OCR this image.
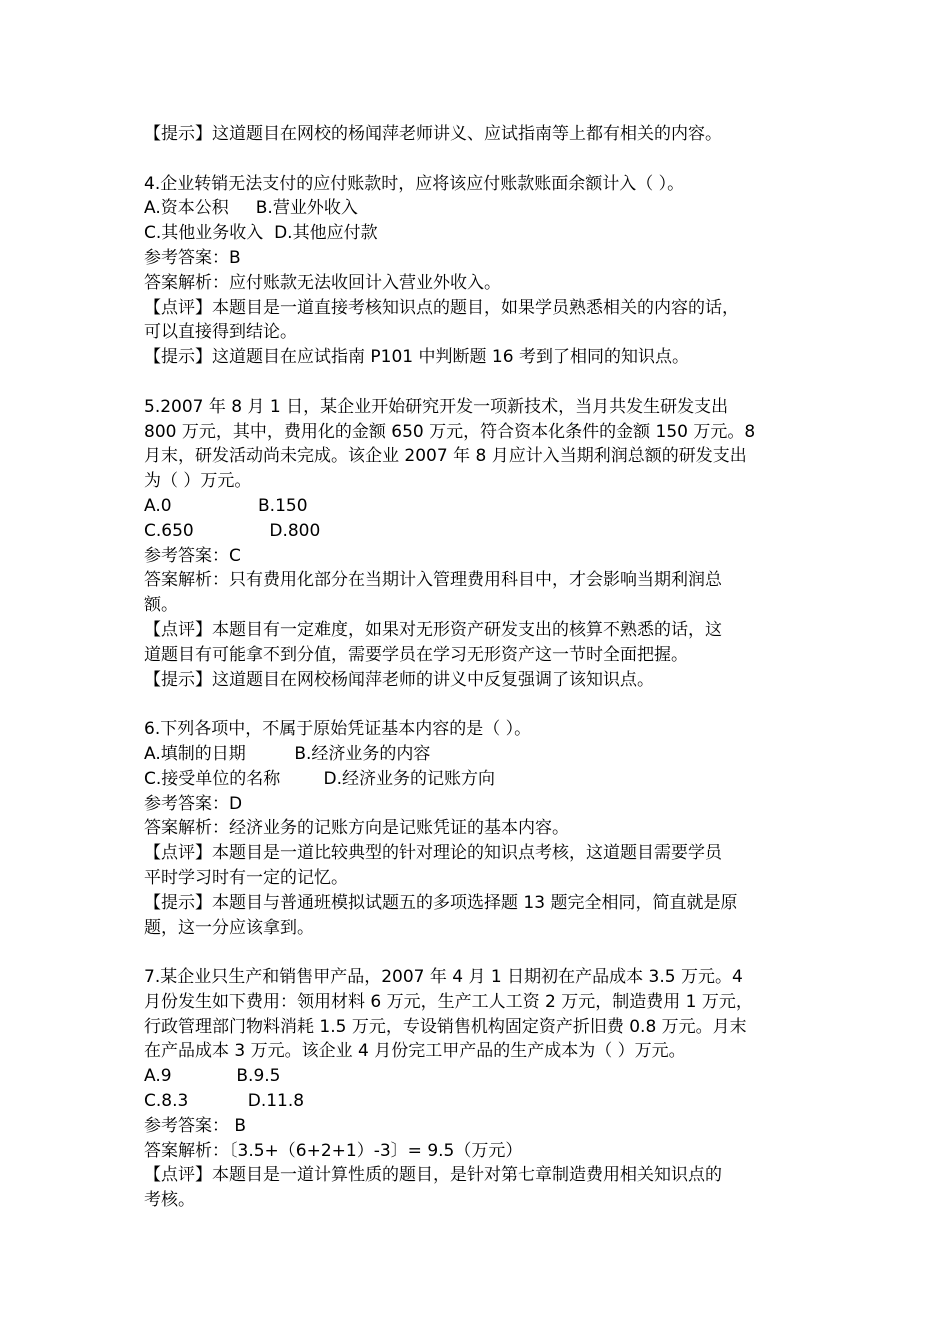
【提示】这道题目在网校的杨闻萍老师讲义、应试指南等上都有相关的内容。

4.企业转销无法支付的应付账款时，应将该应付账款账面余额计入（ ）。

A.资本公积     B.营业外收入

C.其他业务收入  D.其他应付款

参考答案：B

答案解析：应付账款无法收回计入营业外收入。

【点评】本题目是一道直接考核知识点的题目，如果学员熟悉相关的内容的话，

可以直接得到结论。

【提示】这道题目在应试指南 P101 中判断题 16 考到了相同的知识点。

5.2007 年 8 月 1 日，某企业开始研究开发一项新技术，当月共发生研发支出

800 万元，其中，费用化的金额 650 万元，符合资本化条件的金额 150 万元。8

月末，研发活动尚未完成。该企业 2007 年 8 月应计入当期利润总额的研发支出

为（ ）万元。

A.0                B.150

C.650              D.800

参考答案：C

答案解析：只有费用化部分在当期计入管理费用科目中，才会影响当期利润总

额。

【点评】本题目有一定难度，如果对无形资产研发支出的核算不熟悉的话，这

道题目有可能拿不到分值，需要学员在学习无形资产这一节时全面把握。

【提示】这道题目在网校杨闻萍老师的讲义中反复强调了该知识点。

6.下列各项中，不属于原始凭证基本内容的是（ ）。

A.填制的日期         B.经济业务的内容

C.接受单位的名称        D.经济业务的记账方向

参考答案：D

答案解析：经济业务的记账方向是记账凭证的基本内容。

【点评】本题目是一道比较典型的针对理论的知识点考核，这道题目需要学员

平时学习时有一定的记忆。

【提示】本题目与普通班模拟试题五的多项选择题 13 题完全相同，简直就是原

题，这一分应该拿到。

7.某企业只生产和销售甲产品，2007 年 4 月 1 日期初在产品成本 3.5 万元。4

月份发生如下费用：领用材料 6 万元，生产工人工资 2 万元，制造费用 1 万元，

行政管理部门物料消耗 1.5 万元，专设销售机构固定资产折旧费 0.8 万元。月末

在产品成本 3 万元。该企业 4 月份完工甲产品的生产成本为（ ）万元。

A.9            B.9.5

C.8.3           D.11.8

参考答案： B

答案解析：〔3.5+（6+2+1）-3〕= 9.5（万元）

【点评】本题目是一道计算性质的题目，是针对第七章制造费用相关知识点的

考核。
